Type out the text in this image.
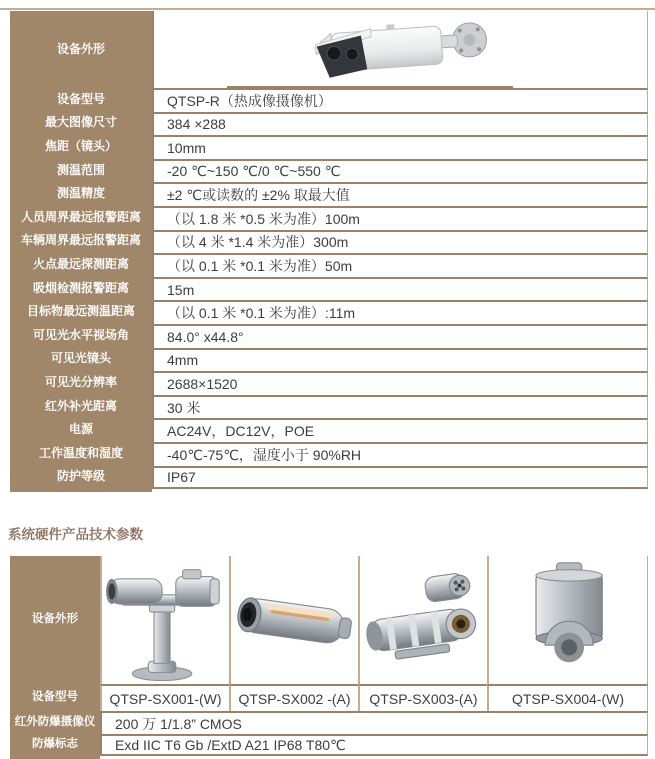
设备外形
设备型号	QTSP-R（热成像摄像机）
最大图像尺寸	384 ×288
焦距（镜头）	10mm
测温范围	-20 ℃~150 ℃/0 ℃~550 ℃
测温精度	±2 ℃或读数的 ±2% 取最大值
人员周界最远报警距离	（以 1.8 米 *0.5 米为准）100m
车辆周界最远报警距离	（以 4 米 *1.4 米为准）300m
火点最远探测距离	（以 0.1 米 *0.1 米为准）50m
吸烟检测报警距离	15m
目标物最远测温距离	（以 0.1 米 *0.1 米为准）:11m
可见光水平视场角	84.0° x44.8°
可见光镜头	4mm
可见光分辨率	2688×1520
红外补光距离	30 米
电源	AC24V，DC12V，POE
工作温度和湿度	-40℃-75℃，湿度小于 90%RH
防护等级	IP67
系统硬件产品技术参数
设备外形
设备型号	QTSP-SX001-(W)	QTSP-SX002 -(A)	QTSP-SX003-(A)	QTSP-SX004-(W)
红外防爆摄像仪	200 万 1/1.8” CMOS
防爆标志	Exd IIC T6 Gb /ExtD A21 IP68 T80℃
